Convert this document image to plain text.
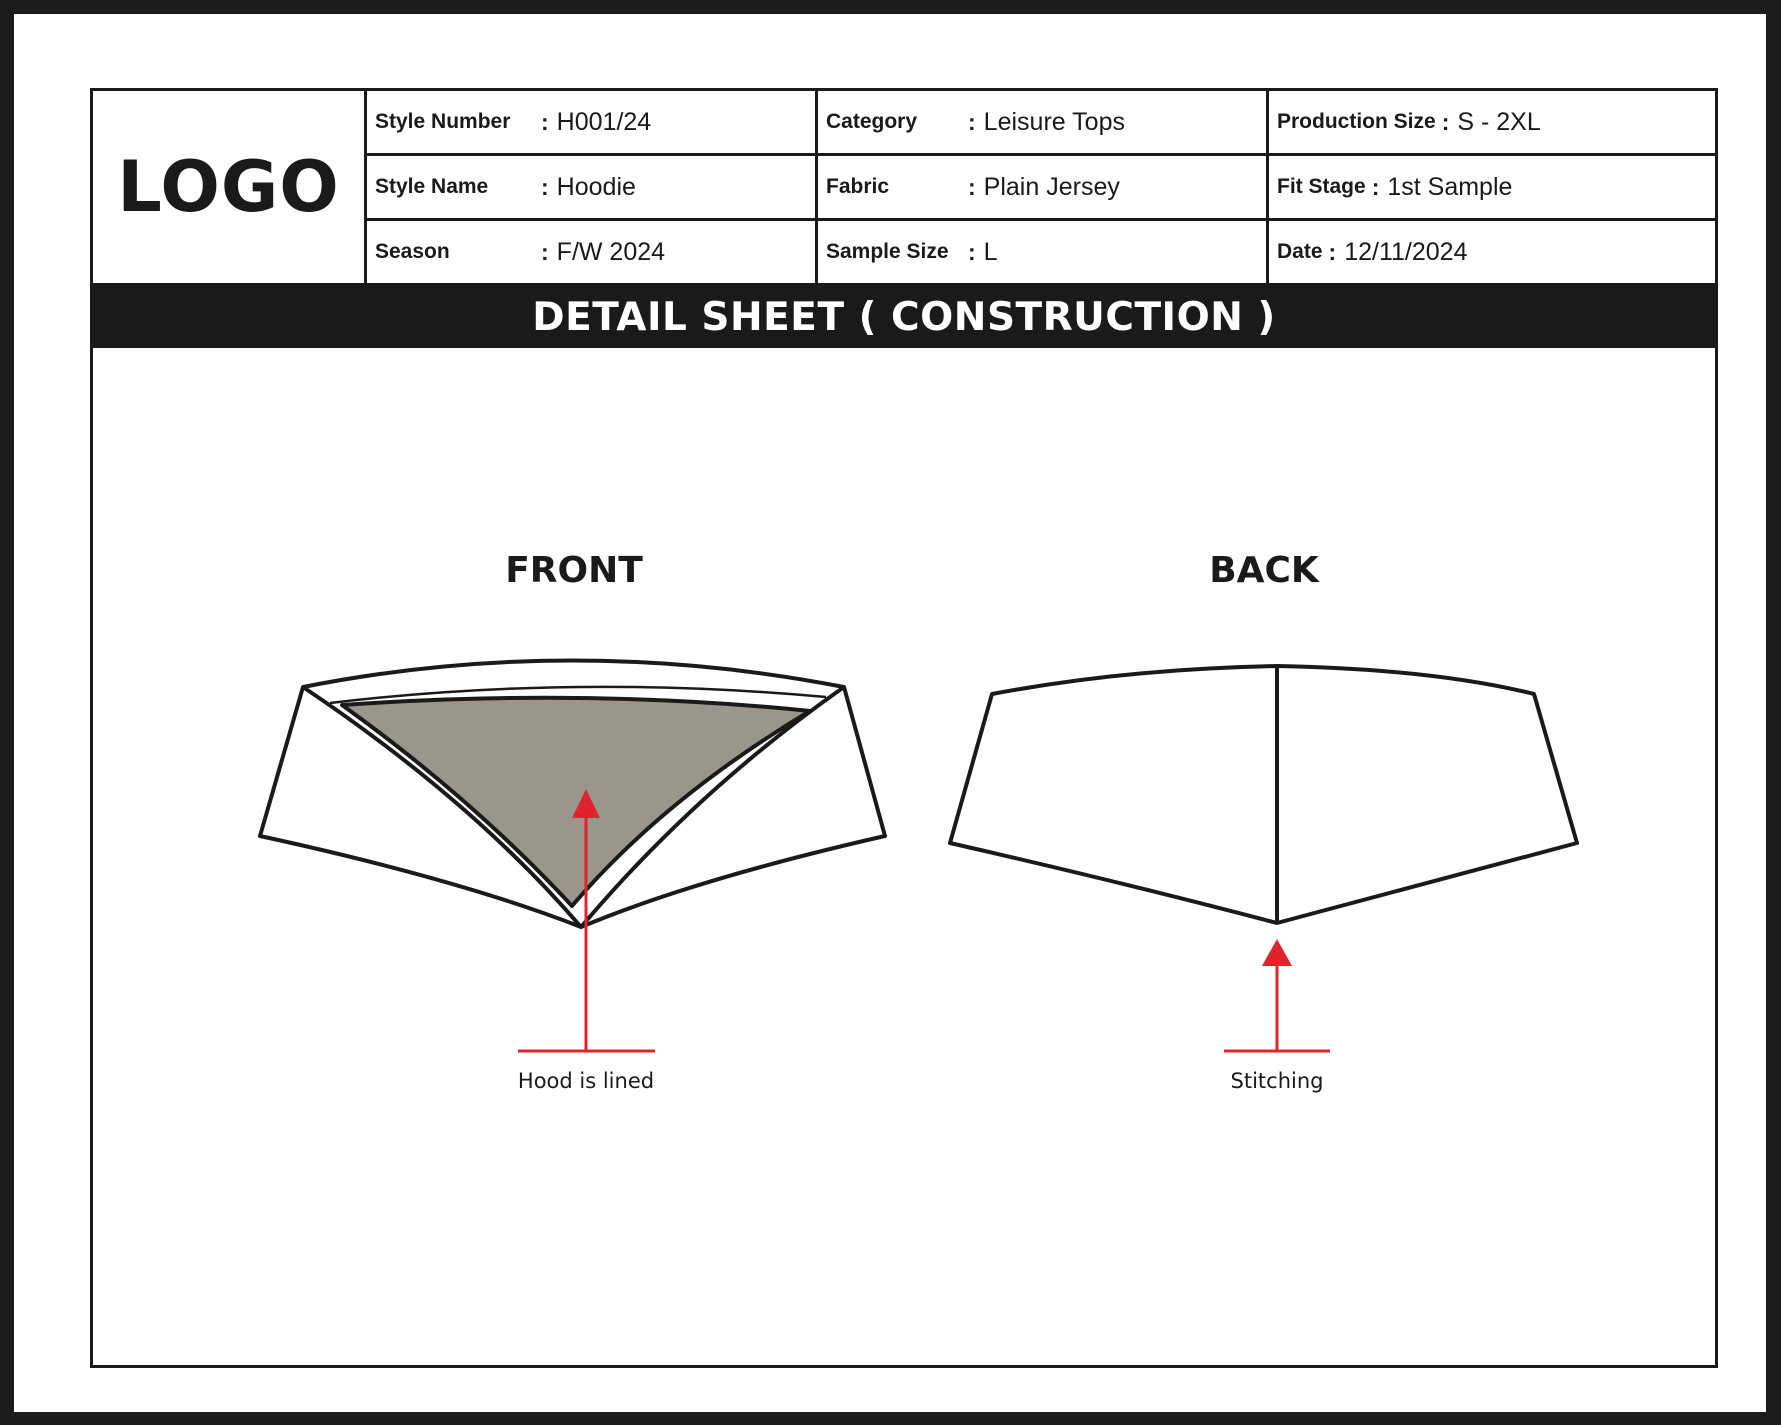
LOGO
Style Number	: H001/24	Category	: Leisure Tops	Production Size : S - 2XL
Style Name	: Hoodie	Fabric	: Plain Jersey	Fit Stage : 1st Sample
Season	: F/W 2024	Sample Size : L	Date : 12/11/2024
DETAIL SHEET ( CONSTRUCTION )
FRONT
Hood is lined
BACK
Stitching
